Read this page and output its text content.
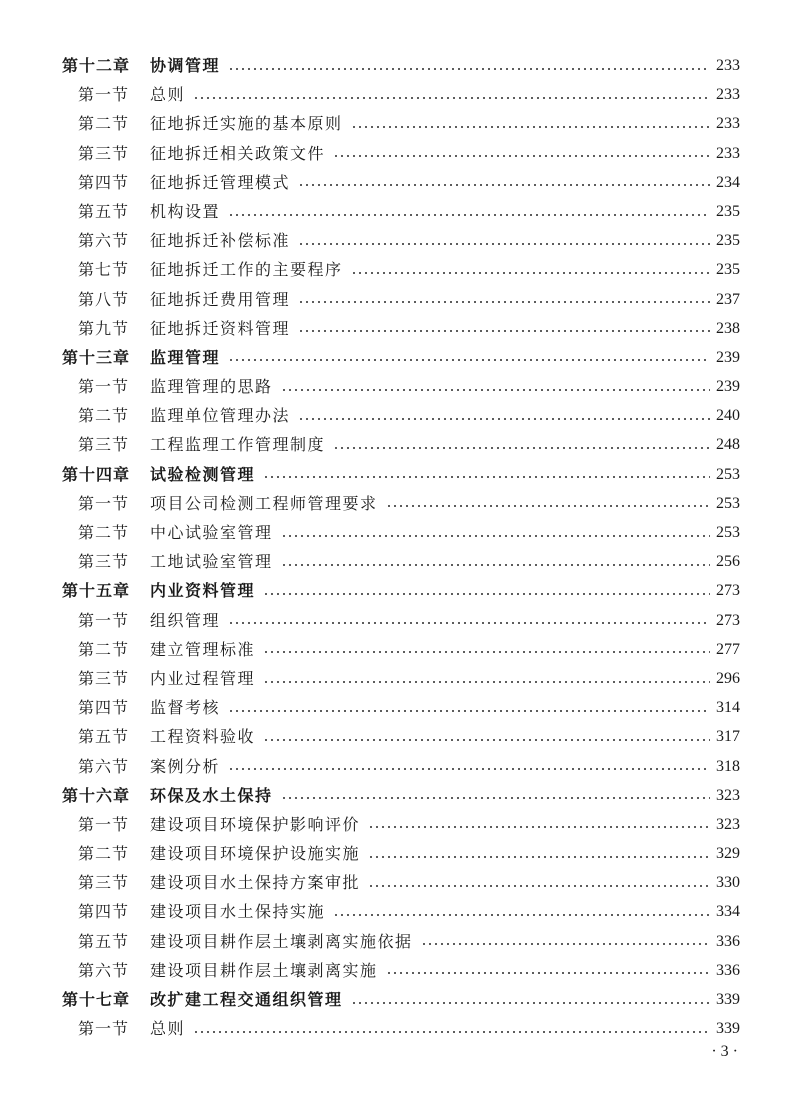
第十二章	协调管理	233
第一节	总则	233
第二节	征地拆迁实施的基本原则	233
第三节	征地拆迁相关政策文件	233
第四节	征地拆迁管理模式	234
第五节	机构设置	235
第六节	征地拆迁补偿标准	235
第七节	征地拆迁工作的主要程序	235
第八节	征地拆迁费用管理	237
第九节	征地拆迁资料管理	238
第十三章	监理管理	239
第一节	监理管理的思路	239
第二节	监理单位管理办法	240
第三节	工程监理工作管理制度	248
第十四章	试验检测管理	253
第一节	项目公司检测工程师管理要求	253
第二节	中心试验室管理	253
第三节	工地试验室管理	256
第十五章	内业资料管理	273
第一节	组织管理	273
第二节	建立管理标准	277
第三节	内业过程管理	296
第四节	监督考核	314
第五节	工程资料验收	317
第六节	案例分析	318
第十六章	环保及水土保持	323
第一节	建设项目环境保护影响评价	323
第二节	建设项目环境保护设施实施	329
第三节	建设项目水土保持方案审批	330
第四节	建设项目水土保持实施	334
第五节	建设项目耕作层土壤剥离实施依据	336
第六节	建设项目耕作层土壤剥离实施	336
第十七章	改扩建工程交通组织管理	339
第一节	总则	339
· 3 ·
